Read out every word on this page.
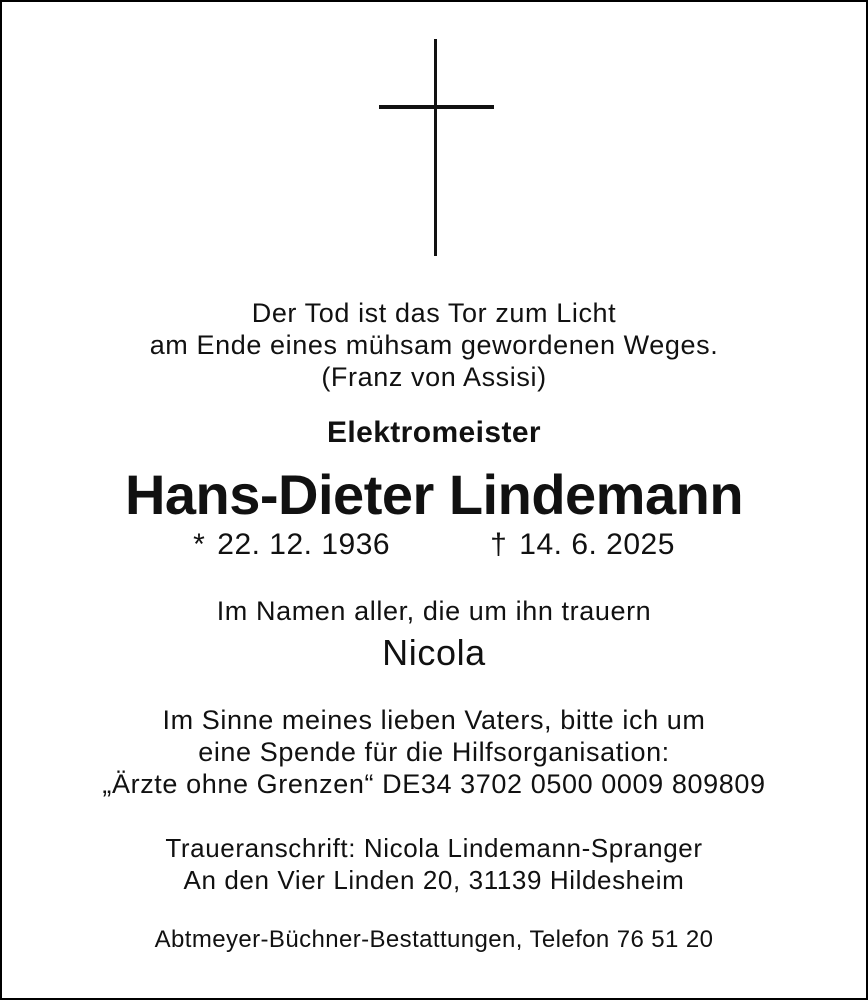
Der Tod ist das Tor zum Licht
am Ende eines mühsam gewordenen Weges.
(Franz von Assisi)
Elektromeister
Hans-Dieter Lindemann
* 22. 12. 1936	† 14. 6. 2025
Im Namen aller, die um ihn trauern
Nicola
Im Sinne meines lieben Vaters, bitte ich um
eine Spende für die Hilfsorganisation:
„Ärzte ohne Grenzen“ DE34 3702 0500 0009 809809
Traueranschrift: Nicola Lindemann-Spranger
An den Vier Linden 20, 31139 Hildesheim
Abtmeyer-Büchner-Bestattungen, Telefon 76 51 20
